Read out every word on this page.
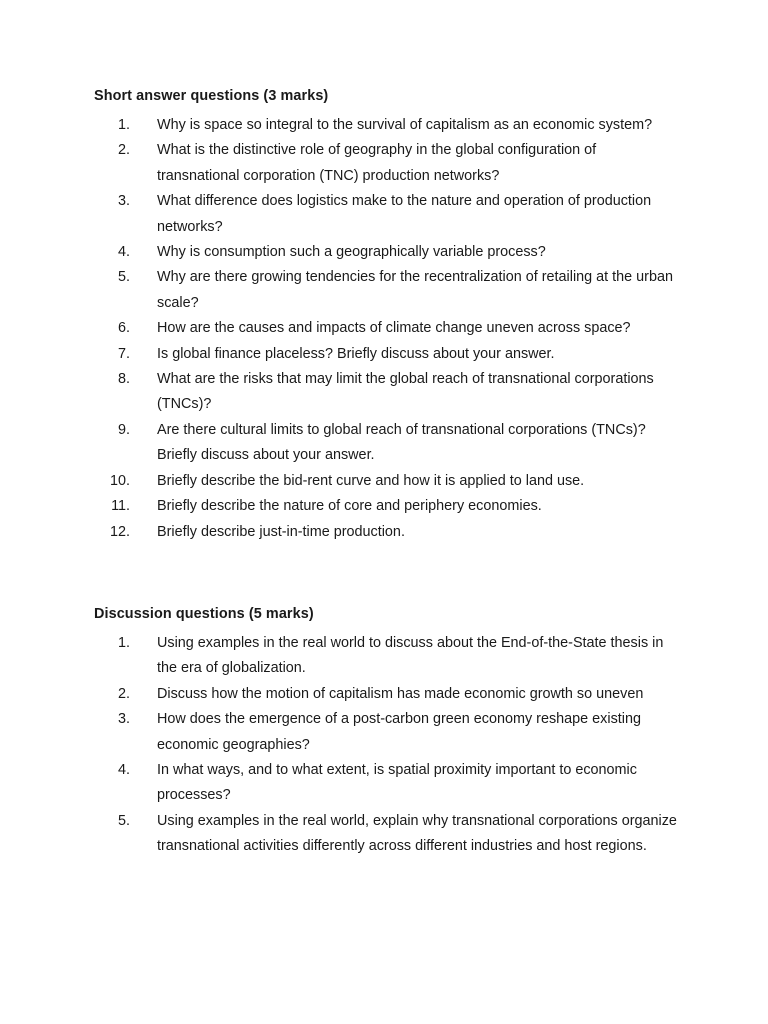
Short answer questions (3 marks)
1. Why is space so integral to the survival of capitalism as an economic system?
2. What is the distinctive role of geography in the global configuration of transnational corporation (TNC) production networks?
3. What difference does logistics make to the nature and operation of production networks?
4. Why is consumption such a geographically variable process?
5. Why are there growing tendencies for the recentralization of retailing at the urban scale?
6. How are the causes and impacts of climate change uneven across space?
7. Is global finance placeless? Briefly discuss about your answer.
8. What are the risks that may limit the global reach of transnational corporations (TNCs)?
9. Are there cultural limits to global reach of transnational corporations (TNCs)? Briefly discuss about your answer.
10. Briefly describe the bid-rent curve and how it is applied to land use.
11. Briefly describe the nature of core and periphery economies.
12. Briefly describe just-in-time production.
Discussion questions (5 marks)
1. Using examples in the real world to discuss about the End-of-the-State thesis in the era of globalization.
2. Discuss how the motion of capitalism has made economic growth so uneven
3. How does the emergence of a post-carbon green economy reshape existing economic geographies?
4. In what ways, and to what extent, is spatial proximity important to economic processes?
5. Using examples in the real world, explain why transnational corporations organize transnational activities differently across different industries and host regions.
